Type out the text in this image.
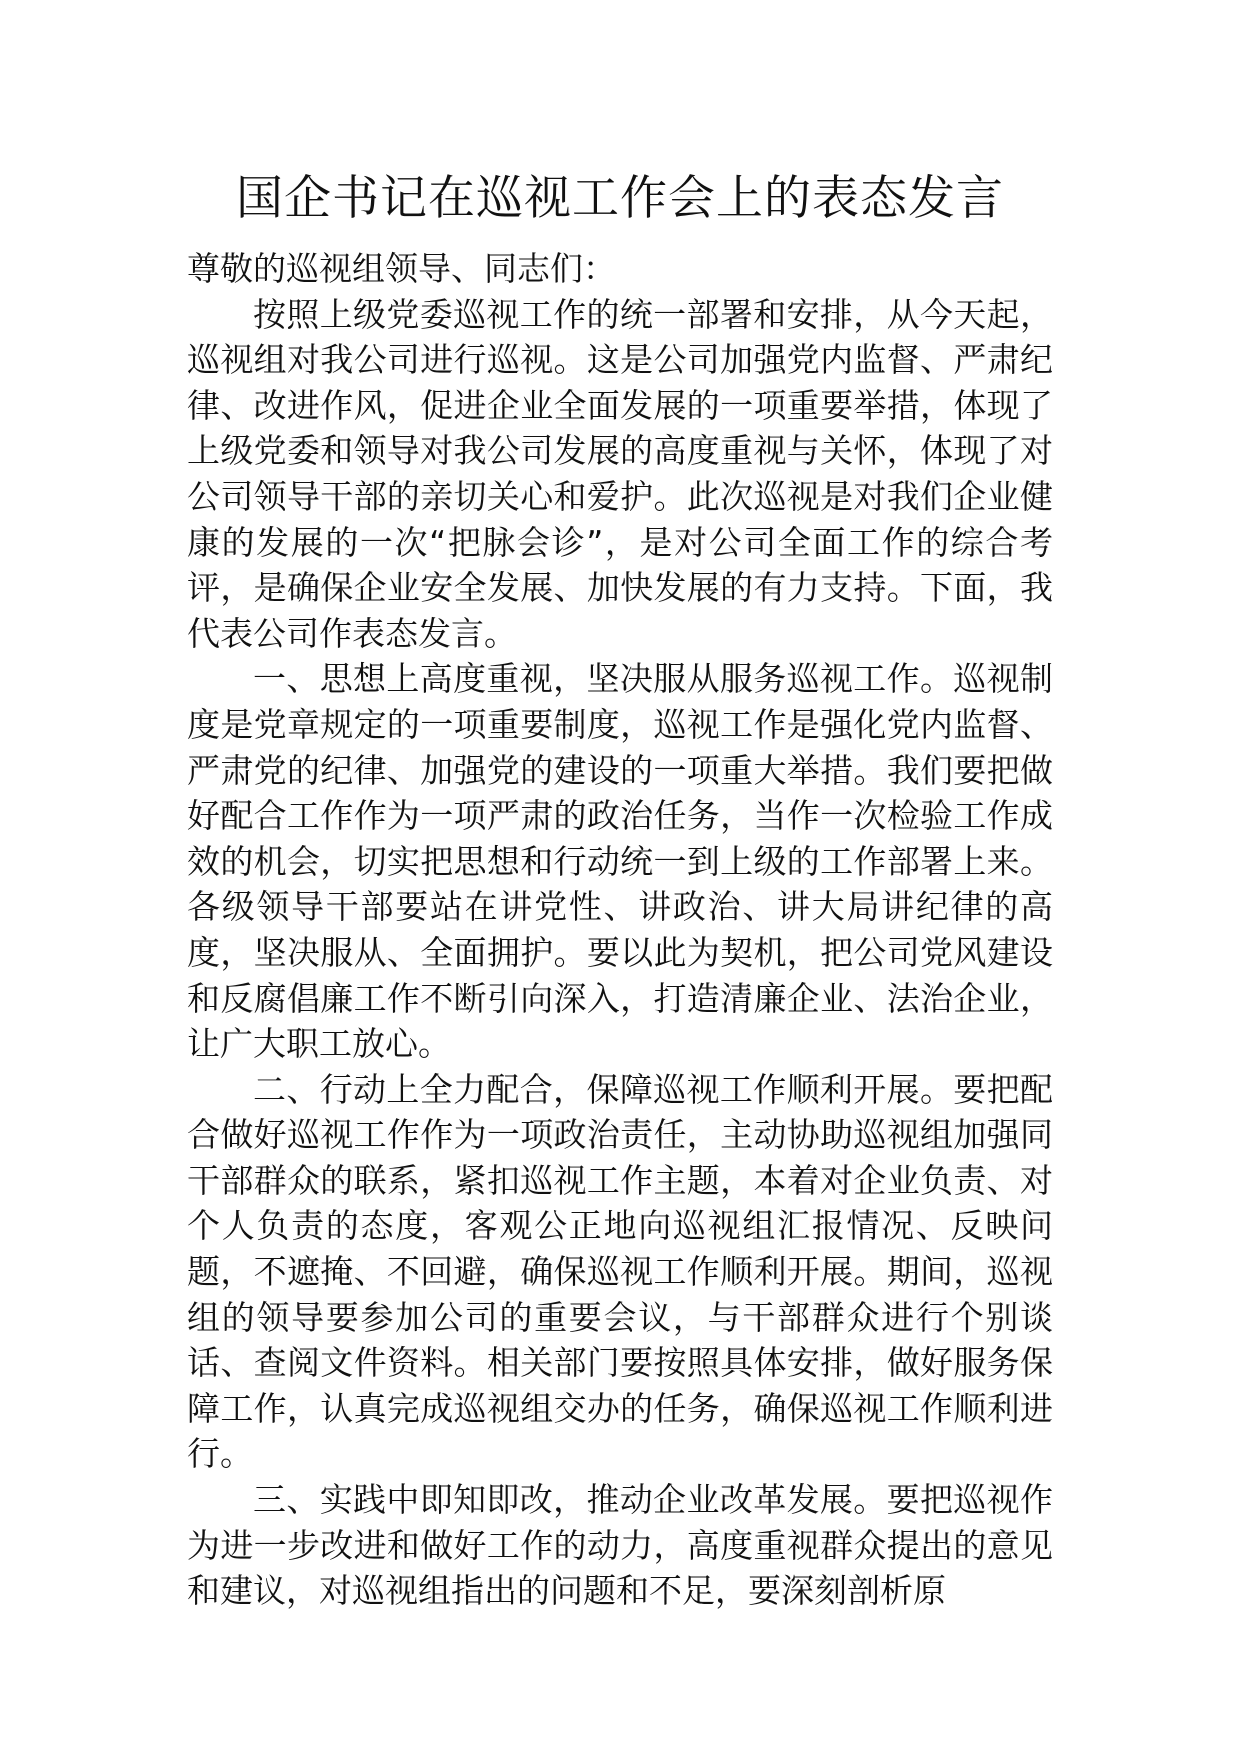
国企书记在巡视工作会上的表态发言

尊敬的巡视组领导、同志们：

按照上级党委巡视工作的统一部署和安排，从今天起，巡视组对我公司进行巡视。这是公司加强党内监督、严肃纪律、改进作风，促进企业全面发展的一项重要举措，体现了上级党委和领导对我公司发展的高度重视与关怀，体现了对公司领导干部的亲切关心和爱护。此次巡视是对我们企业健康的发展的一次“把脉会诊”，是对公司全面工作的综合考评，是确保企业安全发展、加快发展的有力支持。下面，我代表公司作表态发言。

一、思想上高度重视，坚决服从服务巡视工作。巡视制度是党章规定的一项重要制度，巡视工作是强化党内监督、严肃党的纪律、加强党的建设的一项重大举措。我们要把做好配合工作作为一项严肃的政治任务，当作一次检验工作成效的机会，切实把思想和行动统一到上级的工作部署上来。各级领导干部要站在讲党性、讲政治、讲大局讲纪律的高度，坚决服从、全面拥护。要以此为契机，把公司党风建设和反腐倡廉工作不断引向深入，打造清廉企业、法治企业，让广大职工放心。

二、行动上全力配合，保障巡视工作顺利开展。要把配合做好巡视工作作为一项政治责任，主动协助巡视组加强同干部群众的联系，紧扣巡视工作主题，本着对企业负责、对个人负责的态度，客观公正地向巡视组汇报情况、反映问题，不遮掩、不回避，确保巡视工作顺利开展。期间，巡视组的领导要参加公司的重要会议，与干部群众进行个别谈话、查阅文件资料。相关部门要按照具体安排，做好服务保障工作，认真完成巡视组交办的任务，确保巡视工作顺利进行。

三、实践中即知即改，推动企业改革发展。要把巡视作为进一步改进和做好工作的动力，高度重视群众提出的意见和建议，对巡视组指出的问题和不足，要深刻剖析原
